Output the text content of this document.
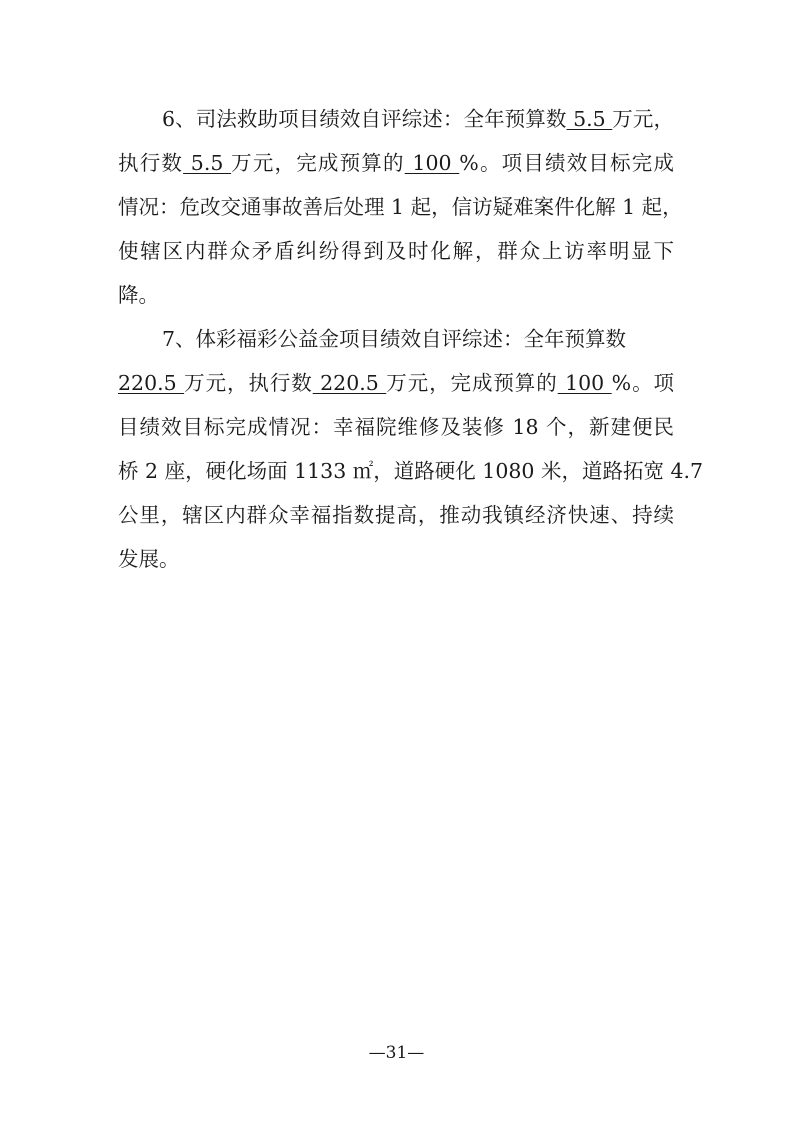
6、司法救助项目绩效自评综述：全年预算数 5.5 万元，
执行数 5.5 万元，完成预算的 100 %。项目绩效目标完成
情况：危改交通事故善后处理 1 起，信访疑难案件化解 1 起，
使辖区内群众矛盾纠纷得到及时化解，群众上访率明显下
降。
7、体彩福彩公益金项目绩效自评综述：全年预算数
220.5 万元，执行数 220.5 万元，完成预算的 100 %。项
目绩效目标完成情况：幸福院维修及装修 18 个，新建便民
桥 2 座，硬化场面 1133 ㎡，道路硬化 1080 米，道路拓宽 4.7
公里，辖区内群众幸福指数提高，推动我镇经济快速、持续
发展。
—31—
